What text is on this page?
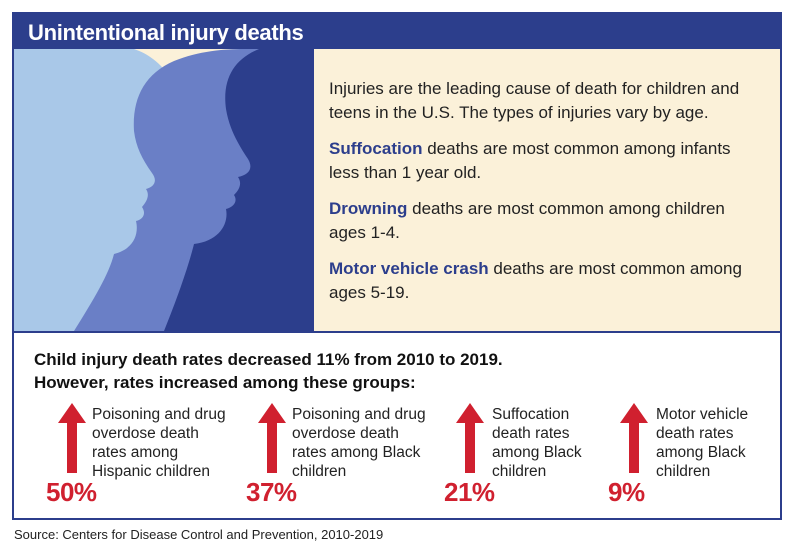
Unintentional injury deaths

Injuries are the leading cause of death for children and teens in the U.S. The types of injuries vary by age.

Suffocation deaths are most common among infants less than 1 year old.

Drowning deaths are most common among children ages 1-4.

Motor vehicle crash deaths are most common among ages 5-19.

Child injury death rates decreased 11% from 2010 to 2019.
However, rates increased among these groups:
50%
Poisoning and drug overdose death rates among Hispanic children
37%
Poisoning and drug overdose death rates among Black children
21%
Suffocation death rates among Black children
9%
Motor vehicle death rates among Black children
Source: Centers for Disease Control and Prevention, 2010-2019
